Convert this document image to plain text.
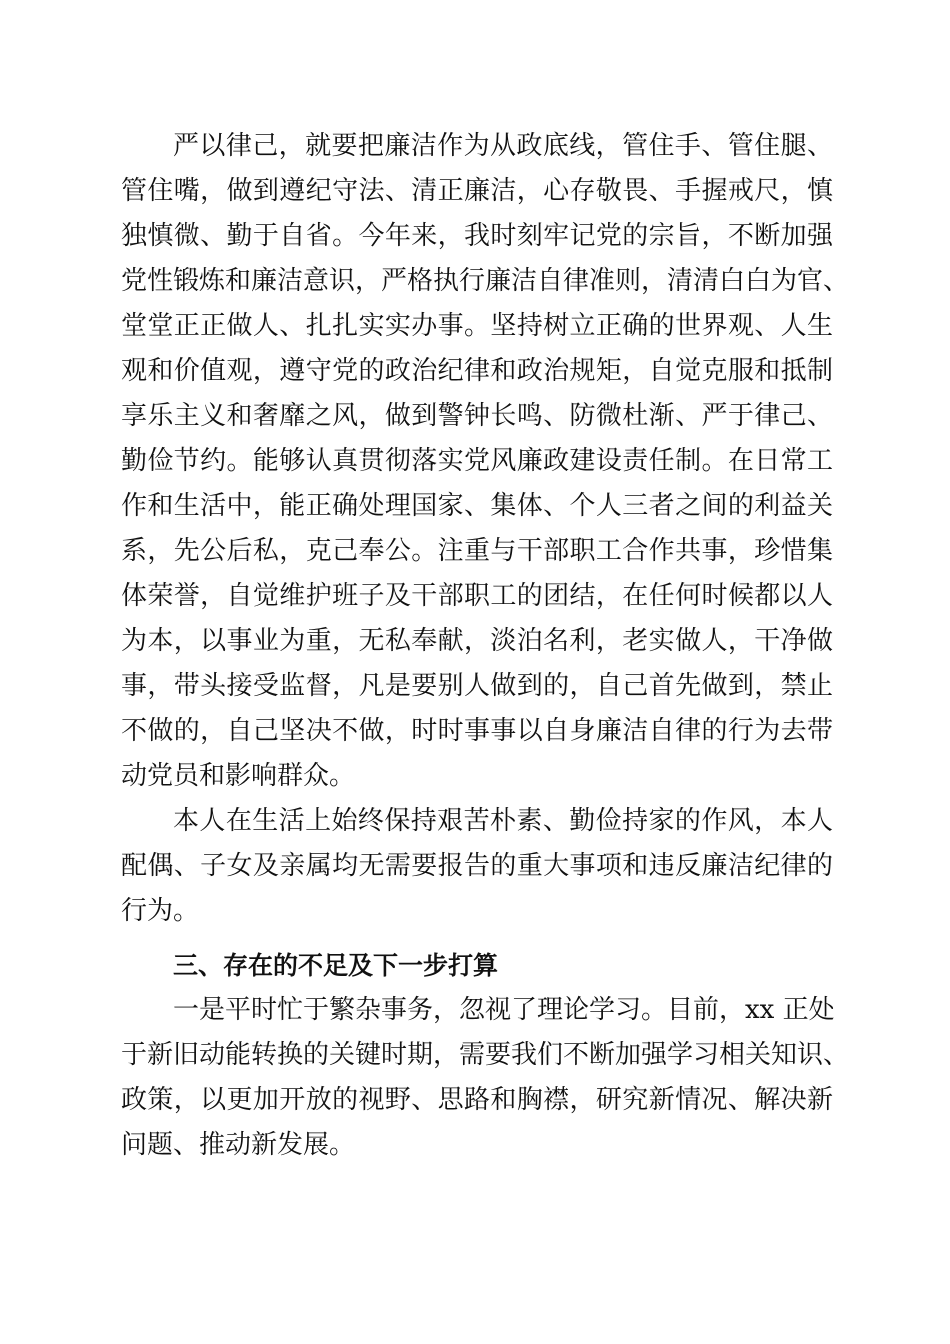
严以律己，就要把廉洁作为从政底线，管住手、管住腿、
管住嘴，做到遵纪守法、清正廉洁，心存敬畏、手握戒尺，慎
独慎微、勤于自省。今年来，我时刻牢记党的宗旨，不断加强
党性锻炼和廉洁意识，严格执行廉洁自律准则，清清白白为官、
堂堂正正做人、扎扎实实办事。坚持树立正确的世界观、人生
观和价值观，遵守党的政治纪律和政治规矩，自觉克服和抵制
享乐主义和奢靡之风，做到警钟长鸣、防微杜渐、严于律己、
勤俭节约。能够认真贯彻落实党风廉政建设责任制。在日常工
作和生活中，能正确处理国家、集体、个人三者之间的利益关
系，先公后私，克己奉公。注重与干部职工合作共事，珍惜集
体荣誉，自觉维护班子及干部职工的团结，在任何时候都以人
为本，以事业为重，无私奉献，淡泊名利，老实做人，干净做
事，带头接受监督，凡是要别人做到的，自己首先做到，禁止
不做的，自己坚决不做，时时事事以自身廉洁自律的行为去带
动党员和影响群众。
本人在生活上始终保持艰苦朴素、勤俭持家的作风，本人
配偶、子女及亲属均无需要报告的重大事项和违反廉洁纪律的
行为。
三、存在的不足及下一步打算
一是平时忙于繁杂事务，忽视了理论学习。目前，xx 正处
于新旧动能转换的关键时期，需要我们不断加强学习相关知识、
政策，以更加开放的视野、思路和胸襟，研究新情况、解决新
问题、推动新发展。
